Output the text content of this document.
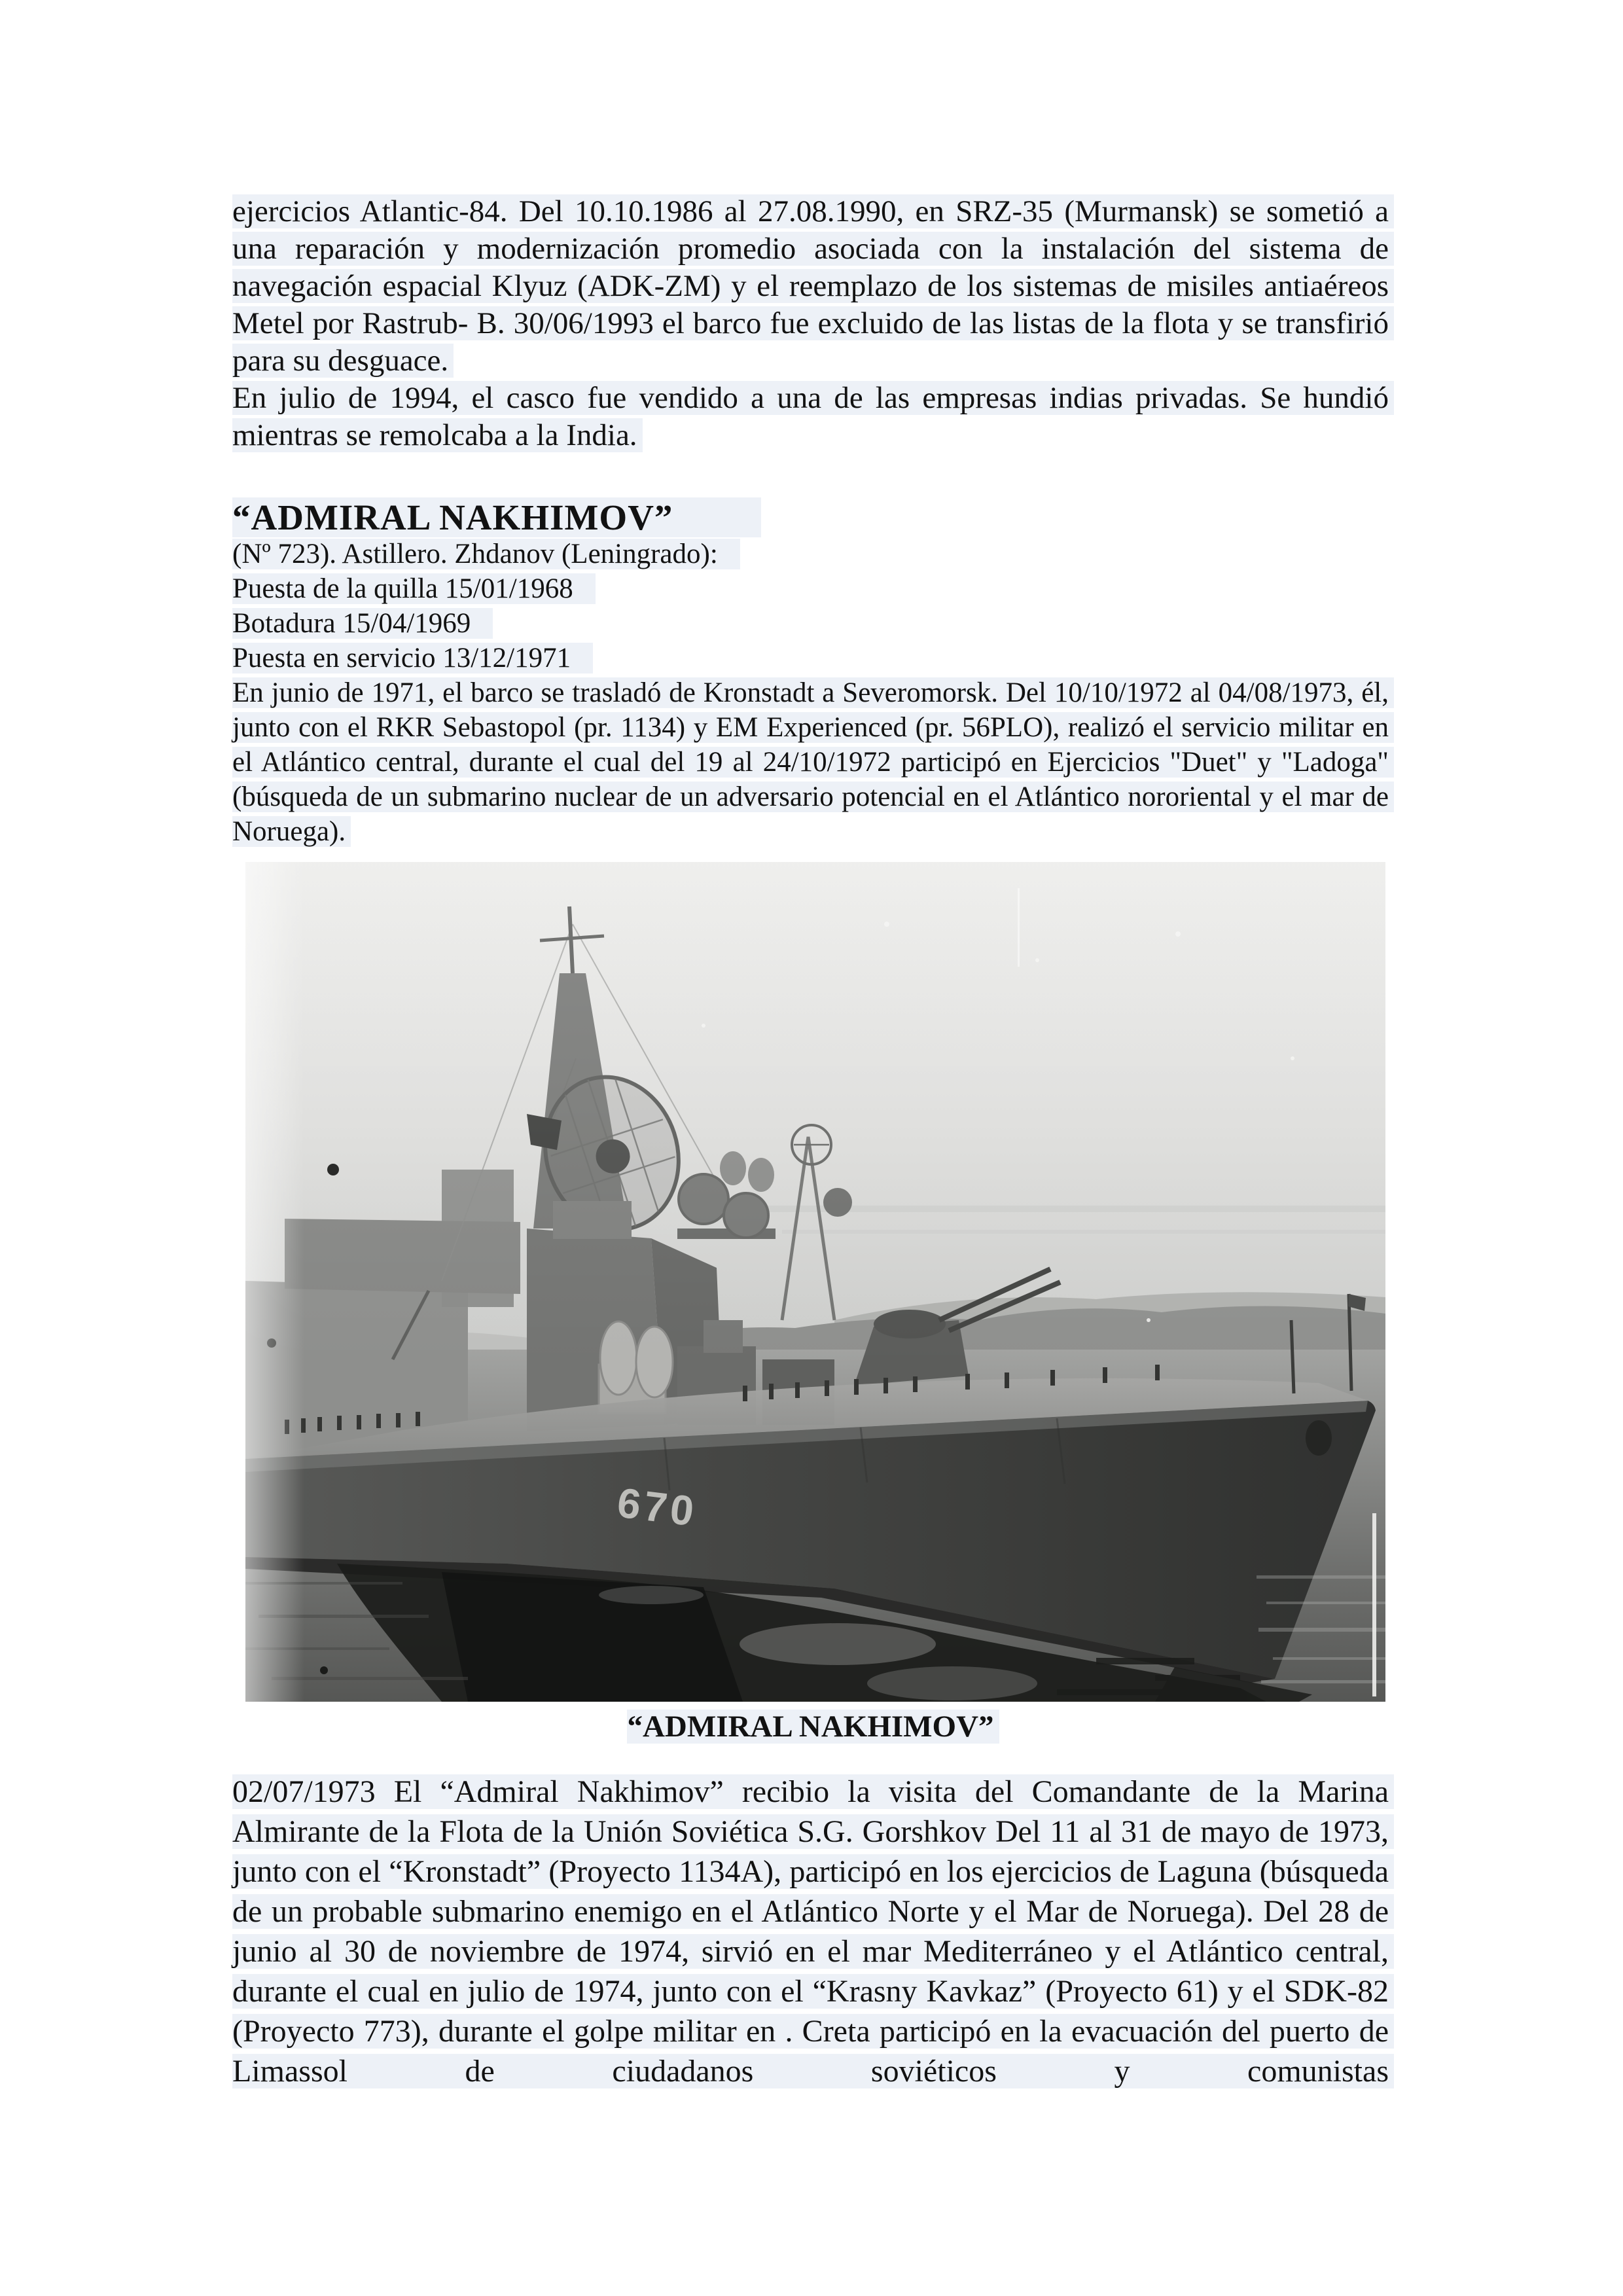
ejercicios Atlantic-84. Del 10.10.1986 al 27.08.1990, en SRZ-35 (Murmansk) se sometió a una reparación y modernización promedio asociada con la instalación del sistema de navegación espacial Klyuz (ADK-ZM) y el reemplazo de los sistemas de misiles antiaéreos Metel por Rastrub- B. 30/06/1993 el barco fue excluido de las listas de la flota y se transfirió para su desguace.

En julio de 1994, el casco fue vendido a una de las empresas indias privadas. Se hundió mientras se remolcaba a la India.

“ADMIRAL NAKHIMOV”

(Nº 723). Astillero. Zhdanov (Leningrado):

Puesta de la quilla 15/01/1968

Botadura 15/04/1969

Puesta en servicio 13/12/1971

En junio de 1971, el barco se trasladó de Kronstadt a Severomorsk. Del 10/10/1972 al 04/08/1973, él, junto con el RKR Sebastopol (pr. 1134) y EM Experienced (pr. 56PLO), realizó el servicio militar en el Atlántico central, durante el cual del 19 al 24/10/1972 participó en Ejercicios "Duet" y "Ladoga" (búsqueda de un submarino nuclear de un adversario potencial en el Atlántico nororiental y el mar de Noruega).

“ADMIRAL NAKHIMOV”

02/07/1973 El “Admiral Nakhimov” recibio la visita del Comandante de la Marina Almirante de la Flota de la Unión Soviética S.G. Gorshkov Del 11 al 31 de mayo de 1973, junto con el “Kronstadt” (Proyecto 1134A), participó en los ejercicios de Laguna (búsqueda de un probable submarino enemigo en el Atlántico Norte y el Mar de Noruega). Del 28 de junio al 30 de noviembre de 1974, sirvió en el mar Mediterráneo y el Atlántico central, durante el cual en julio de 1974, junto con el “Krasny Kavkaz” (Proyecto 61) y el SDK-82 (Proyecto 773), durante el golpe militar en . Creta participó en la evacuación del puerto de Limassol de ciudadanos soviéticos y comunistas
